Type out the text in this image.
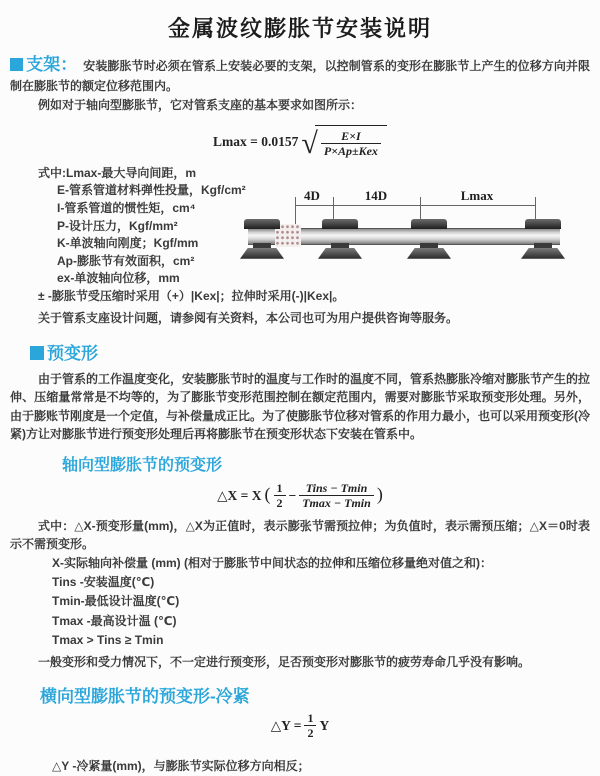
金属波纹膨胀节安装说明

支架： 安装膨胀节时必须在管系上安装必要的支架，以控制管系的变形在膨胀节上产生的位移方向并限制在膨胀节的额定位移范围内。

例如对于轴向型膨胀节，它对管系支座的基本要求如图所示：

Lmax = 0.0157 √ $\frac{E\times I}{\text{P×Ap±Kex}}$
式中:Lmax-最大导向间距，m
E-管系管道材料弹性投量，Kgf/cm²
I-管系管道的惯性矩，cm⁴
P-设计压力，Kgf/mm²
K-单波轴向刚度；Kgf/mm
Ap-膨胀节有效面积，cm²
ex-单波轴向位移，mm
± -膨胀节受压缩时采用（+）|Kex|；拉伸时采用(-)|Kex|。
4D	14D	Lmax

关于管系支座设计问题，请参阅有关资料，本公司也可为用户提供咨询等服务。

预变形

由于管系的工作温度变化，安装膨胀节时的温度与工作时的温度不同，管系热膨胀冷缩对膨胀节产生的拉伸、压缩量常常是不均等的，为了膨胀节变形范围控制在额定范围内，需要对膨胀节采取预变形处理。另外，由于膨账节刚度是一个定值，与补偿量成正比。为了使膨胀节位移对管系的作用力最小，也可以采用预变形(冷紧)方让对膨胀节进行预变形处理后再将膨胀节在预变形状态下安装在管系中。

轴向型膨胀节的预变形
△X = X ( $\frac{1}{2} - \frac{\text{Tins − Tmin}}{Tmax - Tmin}$ )

式中：△X-预变形量(mm)，△X为正值时，表示膨张节需预拉伸；为负值时，表示需预压缩；△X＝0时表示不需预变形。

X-实际轴向补偿量 (mm) (相对于膨胀节中间状态的拉伸和压缩位移量绝对值之和)：
Tins -安装温度(℃)
Tmin-最低设计温度(℃)
Tmax -最高设计温 (℃)
Tmax > Tins ≥ Tmin

一般变形和受力情况下，不一定进行预变形，足否预变形对膨胀节的疲劳寿命几乎没有影响。

横向型膨胀节的预变形-冷紧
△Y = $\frac{1}{2}$ Y
△Y -冷紧量(mm)，与膨胀节实际位移方向相反；
